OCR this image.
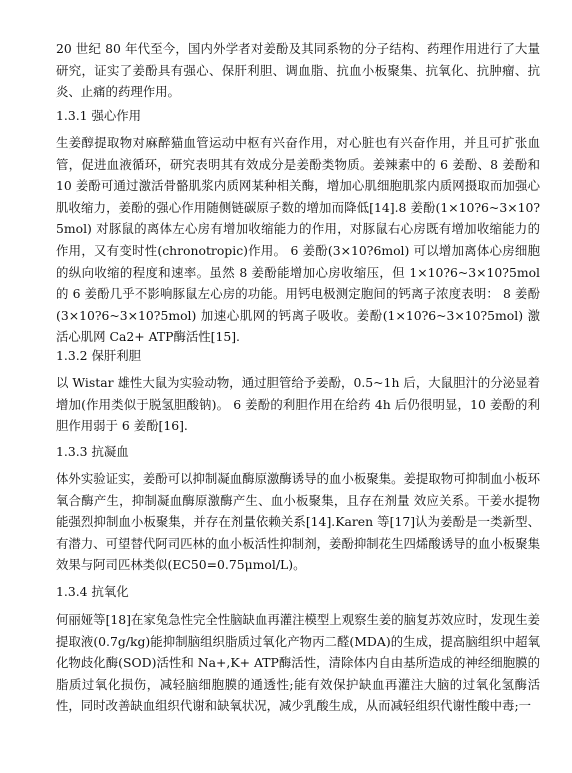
20 世纪 80 年代至今，国内外学者对姜酚及其同系物的分子结构、药理作用进行了大量研究，证实了姜酚具有强心、保肝利胆、调血脂、抗血小板聚集、抗氧化、抗肿瘤、抗炎、止痛的药理作用。

1.3.1 强心作用

生姜醇提取物对麻醉猫血管运动中枢有兴奋作用，对心脏也有兴奋作用，并且可扩张血管，促进血液循环，研究表明其有效成分是姜酚类物质。姜辣素中的 6 姜酚、8 姜酚和 10 姜酚可通过激活骨骼肌浆内质网某种相关酶，增加心肌细胞肌浆内质网摄取而加强心肌收缩力，姜酚的强心作用随侧链碳原子数的增加而降低[14].8 姜酚(1×10?6~3×10?5mol) 对豚鼠的离体左心房有增加收缩能力的作用，对豚鼠右心房既有增加收缩能力的作用，又有变时性(chronotropic)作用。 6 姜酚(3×10?6mol) 可以增加离体心房细胞的纵向收缩的程度和速率。虽然 8 姜酚能增加心房收缩压，但 1×10?6~3×10?5mol 的 6 姜酚几乎不影响豚鼠左心房的功能。用钙电极测定胞间的钙离子浓度表明： 8 姜酚(3×10?6~3×10?5mol) 加速心肌网的钙离子吸收。姜酚(1×10?6~3×10?5mol) 激活心肌网 Ca2+ ATP酶活性[15].

1.3.2 保肝利胆

以 Wistar 雄性大鼠为实验动物，通过胆管给予姜酚，0.5~1h 后，大鼠胆汁的分泌显着增加(作用类似于脱氢胆酸钠)。 6 姜酚的利胆作用在给药 4h 后仍很明显，10 姜酚的利胆作用弱于 6 姜酚[16].

1.3.3 抗凝血

体外实验证实，姜酚可以抑制凝血酶原激酶诱导的血小板聚集。姜提取物可抑制血小板环氧合酶产生，抑制凝血酶原激酶产生、血小板聚集，且存在剂量 效应关系。干姜水提物能强烈抑制血小板聚集，并存在剂量依赖关系[14].Karen 等[17]认为姜酚是一类新型、有潜力、可望替代阿司匹林的血小板活性抑制剂，姜酚抑制花生四烯酸诱导的血小板聚集效果与阿司匹林类似(EC50=0.75μmol/L)。

1.3.4 抗氧化

何丽娅等[18]在家兔急性完全性脑缺血再灌注模型上观察生姜的脑复苏效应时，发现生姜提取液(0.7g/kg)能抑制脑组织脂质过氧化产物丙二醛(MDA)的生成，提高脑组织中超氧化物歧化酶(SOD)活性和 Na+,K+ ATP酶活性，清除体内自由基所造成的神经细胞膜的脂质过氧化损伤，减轻脑细胞膜的通透性;能有效保护缺血再灌注大脑的过氧化氢酶活性，同时改善缺血组织代谢和缺氧状况，减少乳酸生成，从而减轻组织代谢性酸中毒;一
